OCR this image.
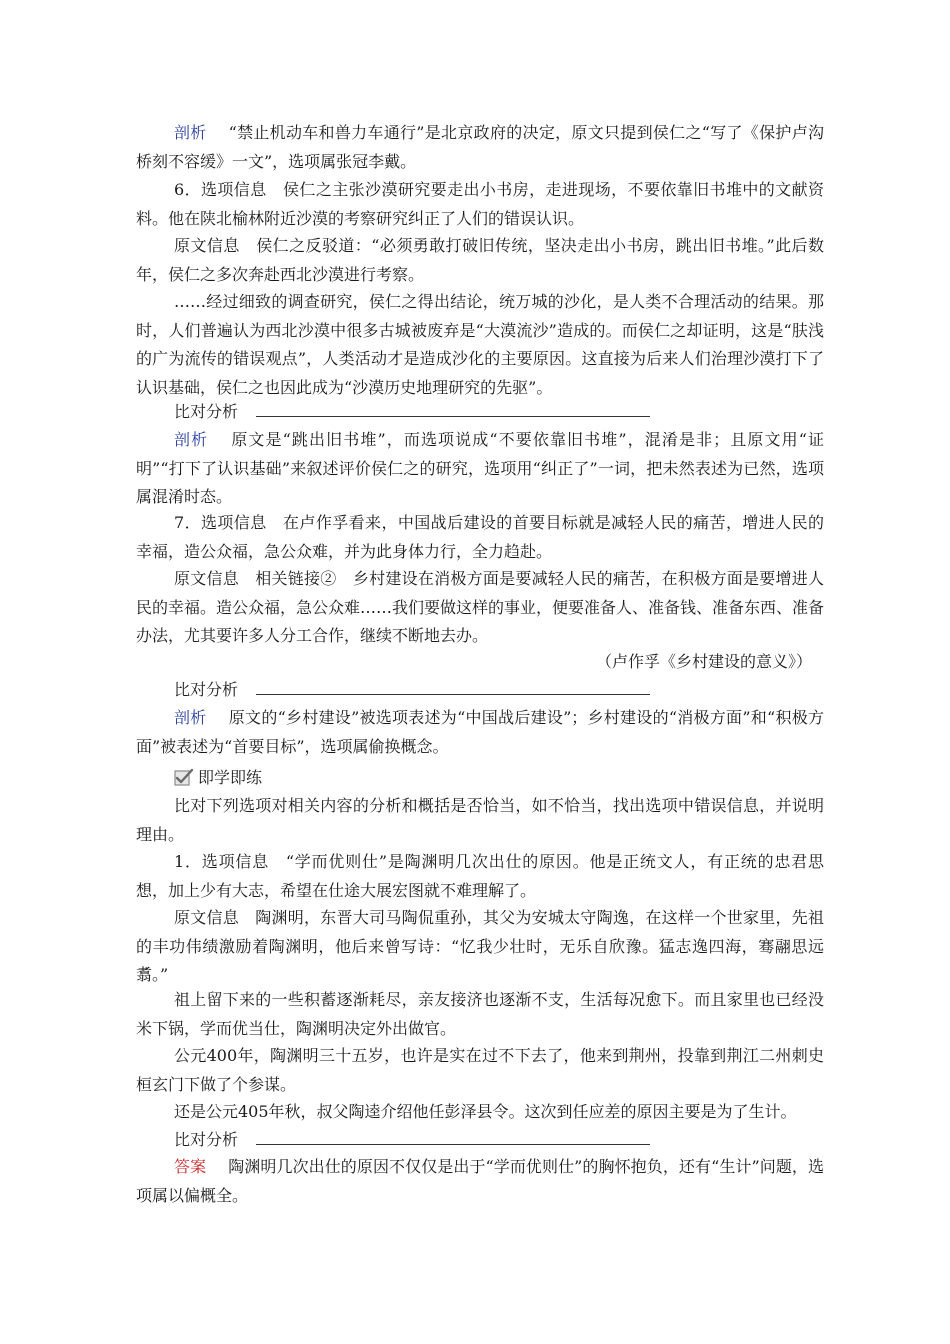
剖析 “禁止机动车和兽力车通行”是北京政府的决定，原文只提到侯仁之“写了《保护卢沟桥刻不容缓》一文”，选项属张冠李戴。

6．选项信息　侯仁之主张沙漠研究要走出小书房，走进现场，不要依靠旧书堆中的文献资料。他在陕北榆林附近沙漠的考察研究纠正了人们的错误认识。

原文信息　侯仁之反驳道：“必须勇敢打破旧传统，坚决走出小书房，跳出旧书堆。”此后数年，侯仁之多次奔赴西北沙漠进行考察。

……经过细致的调查研究，侯仁之得出结论，统万城的沙化，是人类不合理活动的结果。那时，人们普遍认为西北沙漠中很多古城被废弃是“大漠流沙”造成的。而侯仁之却证明，这是“肤浅的广为流传的错误观点”，人类活动才是造成沙化的主要原因。这直接为后来人们治理沙漠打下了认识基础，侯仁之也因此成为“沙漠历史地理研究的先驱”。

比对分析

剖析 原文是“跳出旧书堆”，而选项说成“不要依靠旧书堆”，混淆是非；且原文用“证明”“打下了认识基础”来叙述评价侯仁之的研究，选项用“纠正了”一词，把未然表述为已然，选项属混淆时态。

7．选项信息　在卢作孚看来，中国战后建设的首要目标就是减轻人民的痛苦，增进人民的幸福，造公众福，急公众难，并为此身体力行，全力趋赴。

原文信息　相关链接②　乡村建设在消极方面是要减轻人民的痛苦，在积极方面是要增进人民的幸福。造公众福，急公众难……我们要做这样的事业，便要准备人、准备钱、准备东西、准备办法，尤其要许多人分工合作，继续不断地去办。

（卢作孚《乡村建设的意义》）

比对分析

剖析 原文的“乡村建设”被选项表述为“中国战后建设”；乡村建设的“消极方面”和“积极方面”被表述为“首要目标”，选项属偷换概念。

即学即练

比对下列选项对相关内容的分析和概括是否恰当，如不恰当，找出选项中错误信息，并说明理由。

1．选项信息　“学而优则仕”是陶渊明几次出仕的原因。他是正统文人，有正统的忠君思想，加上少有大志，希望在仕途大展宏图就不难理解了。

原文信息　陶渊明，东晋大司马陶侃重孙，其父为安城太守陶逸，在这样一个世家里，先祖的丰功伟绩激励着陶渊明，他后来曾写诗：“忆我少壮时，无乐自欣豫。猛志逸四海，骞翮思远翥。”

祖上留下来的一些积蓄逐渐耗尽，亲友接济也逐渐不支，生活每况愈下。而且家里也已经没米下锅，学而优当仕，陶渊明决定外出做官。

公元400年，陶渊明三十五岁，也许是实在过不下去了，他来到荆州，投靠到荆江二州刺史桓玄门下做了个参谋。

还是公元405年秋，叔父陶逵介绍他任彭泽县令。这次到任应差的原因主要是为了生计。

比对分析

答案 陶渊明几次出仕的原因不仅仅是出于“学而优则仕”的胸怀抱负，还有“生计”问题，选项属以偏概全。
